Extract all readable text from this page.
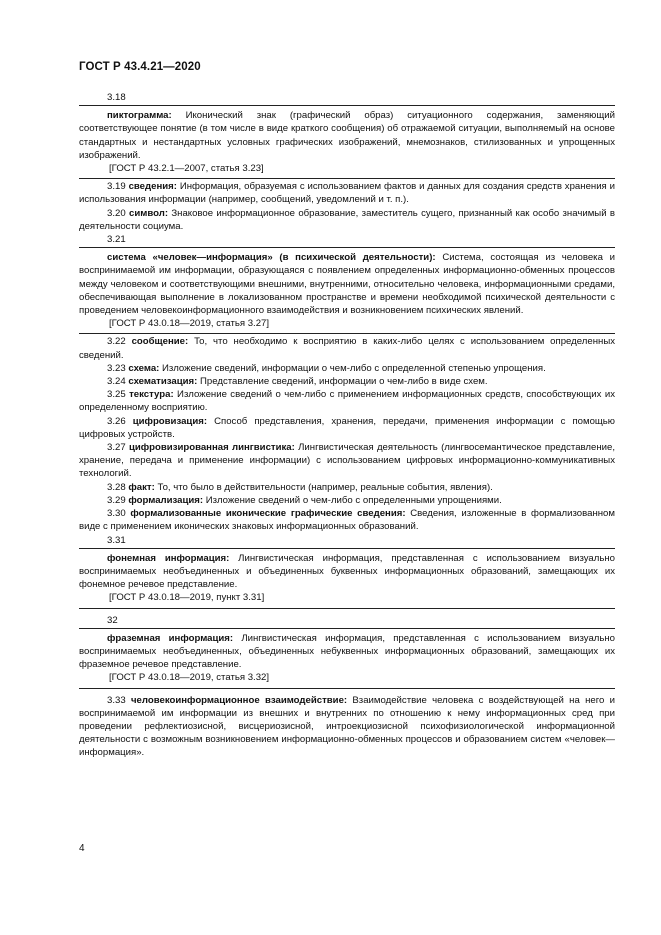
ГОСТ Р 43.4.21—2020

3.18

пиктограмма: Иконический знак (графический образ) ситуационного содержания, заменяющий соответствующее понятие (в том числе в виде краткого сообщения) об отражаемой ситуации, выполняемый на основе стандартных и нестандартных условных графических изображений, мнемознаков, стилизованных и упрощенных изображений.

[ГОСТ Р 43.2.1—2007, статья 3.23]

3.19 сведения: Информация, образуемая с использованием фактов и данных для создания средств хранения и использования информации (например, сообщений, уведомлений и т. п.).

3.20 символ: Знаковое информационное образование, заместитель сущего, признанный как особо значимый в деятельности социума.

3.21

система «человек—информация» (в психической деятельности): Система, состоящая из человека и воспринимаемой им информации, образующаяся с появлением определенных информационно-обменных процессов между человеком и соответствующими внешними, внутренними, относительно человека, информационными средами, обеспечивающая выполнение в локализованном пространстве и времени необходимой психической деятельности с проведением человекоинформационного взаимодействия и возникновением психических явлений.

[ГОСТ Р 43.0.18—2019, статья 3.27]

3.22 сообщение: То, что необходимо к восприятию в каких-либо целях с использованием определенных сведений.

3.23 схема: Изложение сведений, информации о чем-либо с определенной степенью упрощения.

3.24 схематизация: Представление сведений, информации о чем-либо в виде схем.

3.25 текстура: Изложение сведений о чем-либо с применением информационных средств, способствующих их определенному восприятию.

3.26 цифровизация: Способ представления, хранения, передачи, применения информации с помощью цифровых устройств.

3.27 цифровизированная лингвистика: Лингвистическая деятельность (лингвосемантическое представление, хранение, передача и применение информации) с использованием цифровых информационно-коммуникативных технологий.

3.28 факт: То, что было в действительности (например, реальные события, явления).

3.29 формализация: Изложение сведений о чем-либо с определенными упрощениями.

3.30 формализованные иконические графические сведения: Сведения, изложенные в формализованном виде с применением иконических знаковых информационных образований.

3.31

фонемная информация: Лингвистическая информация, представленная с использованием визуально воспринимаемых необъединенных и объединенных буквенных информационных образований, замещающих их фонемное речевое представление.

[ГОСТ Р 43.0.18—2019, пункт 3.31]

32

фраземная информация: Лингвистическая информация, представленная с использованием визуально воспринимаемых необъединенных, объединенных небуквенных информационных образований, замещающих их фраземное речевое представление.

[ГОСТ Р 43.0.18—2019, статья 3.32]

3.33 человекоинформационное взаимодействие: Взаимодействие человека с воздействующей на него и воспринимаемой им информации из внешних и внутренних по отношению к нему информационных сред при проведении рефлектиозисной, висцериозисной, интроекциозисной психофизиологической информационной деятельности с возможным возникновением информационно-обменных процессов и образованием систем «человек—информация».

4
